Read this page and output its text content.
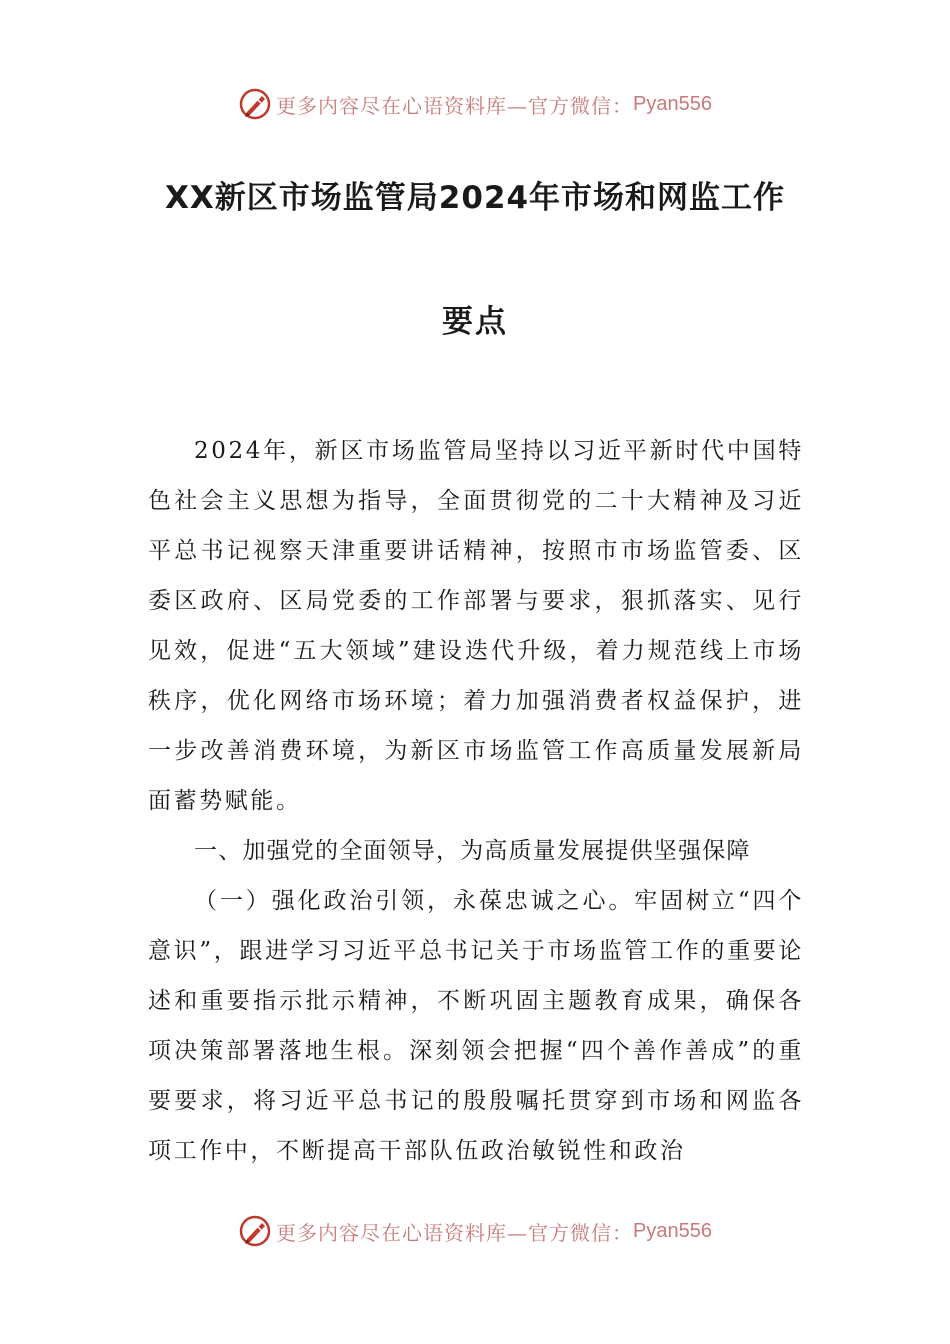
更多内容尽在心语资料库—官方微信： Pyan556
XX新区市场监管局2024年市场和网监工作
要点

2024年，新区市场监管局坚持以习近平新时代中国特色社会主义思想为指导，全面贯彻党的二十大精神及习近平总书记视察天津重要讲话精神，按照市市场监管委、区委区政府、区局党委的工作部署与要求，狠抓落实、见行见效，促进“五大领域”建设迭代升级，着力规范线上市场秩序，优化网络市场环境；着力加强消费者权益保护，进一步改善消费环境，为新区市场监管工作高质量发展新局面蓄势赋能。

一、加强党的全面领导，为高质量发展提供坚强保障

（一）强化政治引领，永葆忠诚之心。牢固树立“四个意识”，跟进学习习近平总书记关于市场监管工作的重要论述和重要指示批示精神，不断巩固主题教育成果，确保各项决策部署落地生根。深刻领会把握“四个善作善成”的重要要求，将习近平总书记的殷殷嘱托贯穿到市场和网监各项工作中，不断提高干部队伍政治敏锐性和政治

更多内容尽在心语资料库—官方微信： Pyan556
